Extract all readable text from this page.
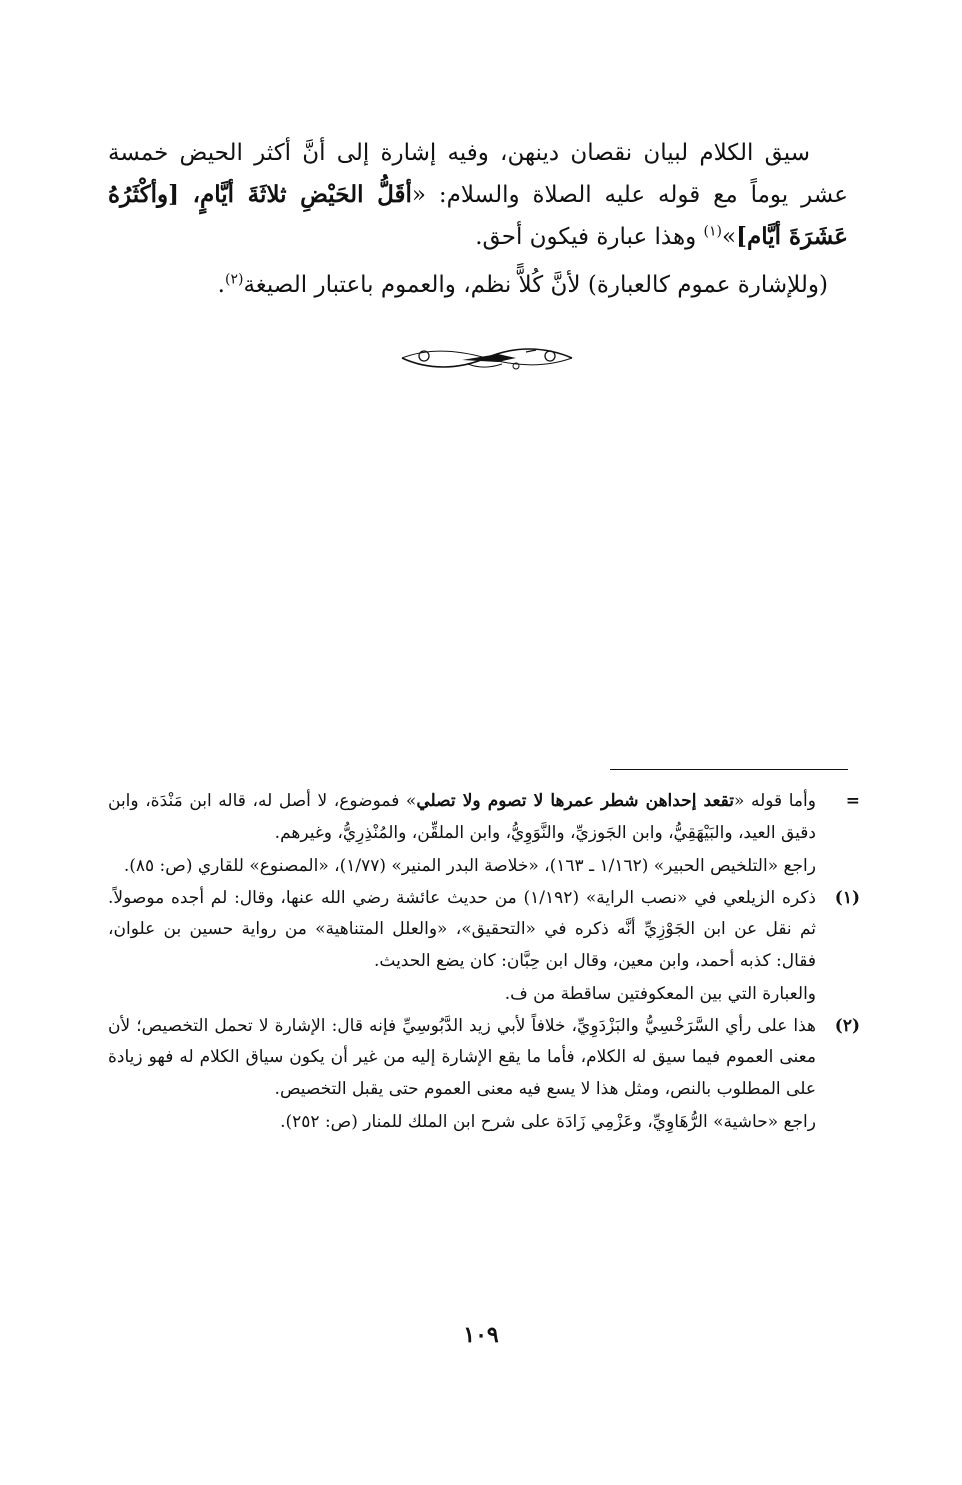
سيق الكلام لبيان نقصان دينهن، وفيه إشارة إلى أنَّ أكثر الحيض خمسة عشر يوماً مع قوله عليه الصلاة والسلام: «أقَلُّ الحَيْضِ ثلاثَةَ أيَّامٍ، [وأكْثَرُهُ عَشَرَةَ أيَّام]»$^{(١)}$ وهذا عبارة فيكون أحق.

(وللإشارة عموم كالعبارة) لأنَّ كُلاًّ نظم، والعموم باعتبار الصيغة$^{(٢)}$.

=

وأما قوله «تقعد إحداهن شطر عمرها لا تصوم ولا تصلي» فموضوع، لا أصل له، قاله ابن مَنْدَة، وابن دقيق العيد، والبَيْهَقِيُّ، وابن الجَوزيِّ، والنَّوَوِيُّ، وابن الملقِّن، والمُنْذِرِيُّ، وغيرهم.

راجع «التلخيص الحبير» (١/١٦٢ ـ ١٦٣)، «خلاصة البدر المنير» (١/٧٧)، «المصنوع» للقاري (ص: ٨٥).

(١)

ذكره الزيلعي في «نصب الراية» (١/١٩٢) من حديث عائشة رضي الله عنها، وقال: لم أجده موصولاً. ثم نقل عن ابن الجَوْزِيِّ أنَّه ذكره في «التحقيق»، «والعلل المتناهية» من رواية حسين بن علوان، فقال: كذبه أحمد، وابن معين، وقال ابن حِبَّان: كان يضع الحديث.

والعبارة التي بين المعكوفتين ساقطة من ف.

(٢)

هذا على رأي السَّرَخْسِيُّ والبَزْدَوِيِّ، خلافاً لأبي زيد الدَّبُوسِيِّ فإنه قال: الإشارة لا تحمل التخصيص؛ لأن معنى العموم فيما سيق له الكلام، فأما ما يقع الإشارة إليه من غير أن يكون سياق الكلام له فهو زيادة على المطلوب بالنص، ومثل هذا لا يسع فيه معنى العموم حتى يقبل التخصيص.

راجع «حاشية» الرُّهَاوِيِّ، وعَزْمِي زَادَة على شرح ابن الملك للمنار (ص: ٢٥٢).

١٠٩
